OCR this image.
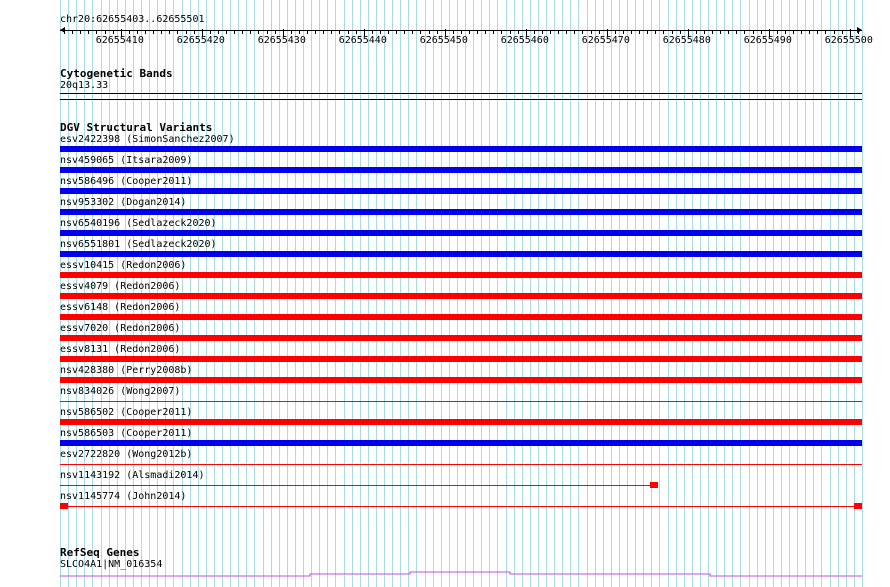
chr20:62655403..62655501
62655410	62655420	62655430	62655440	62655450	62655460	62655470	62655480	62655490	62655500
Cytogenetic Bands
20q13.33
DGV Structural Variants
esv2422398 (SimonSanchez2007)
nsv459065 (Itsara2009)
nsv586496 (Cooper2011)
nsv953302 (Dogan2014)
nsv6540196 (Sedlazeck2020)
nsv6551801 (Sedlazeck2020)
essv10415 (Redon2006)
essv4079 (Redon2006)
essv6148 (Redon2006)
essv7020 (Redon2006)
essv8131 (Redon2006)
nsv428380 (Perry2008b)
nsv834026 (Wong2007)
nsv586502 (Cooper2011)
nsv586503 (Cooper2011)
esv2722820 (Wong2012b)
nsv1143192 (Alsmadi2014)
nsv1145774 (John2014)
RefSeq Genes
SLCO4A1|NM_016354
